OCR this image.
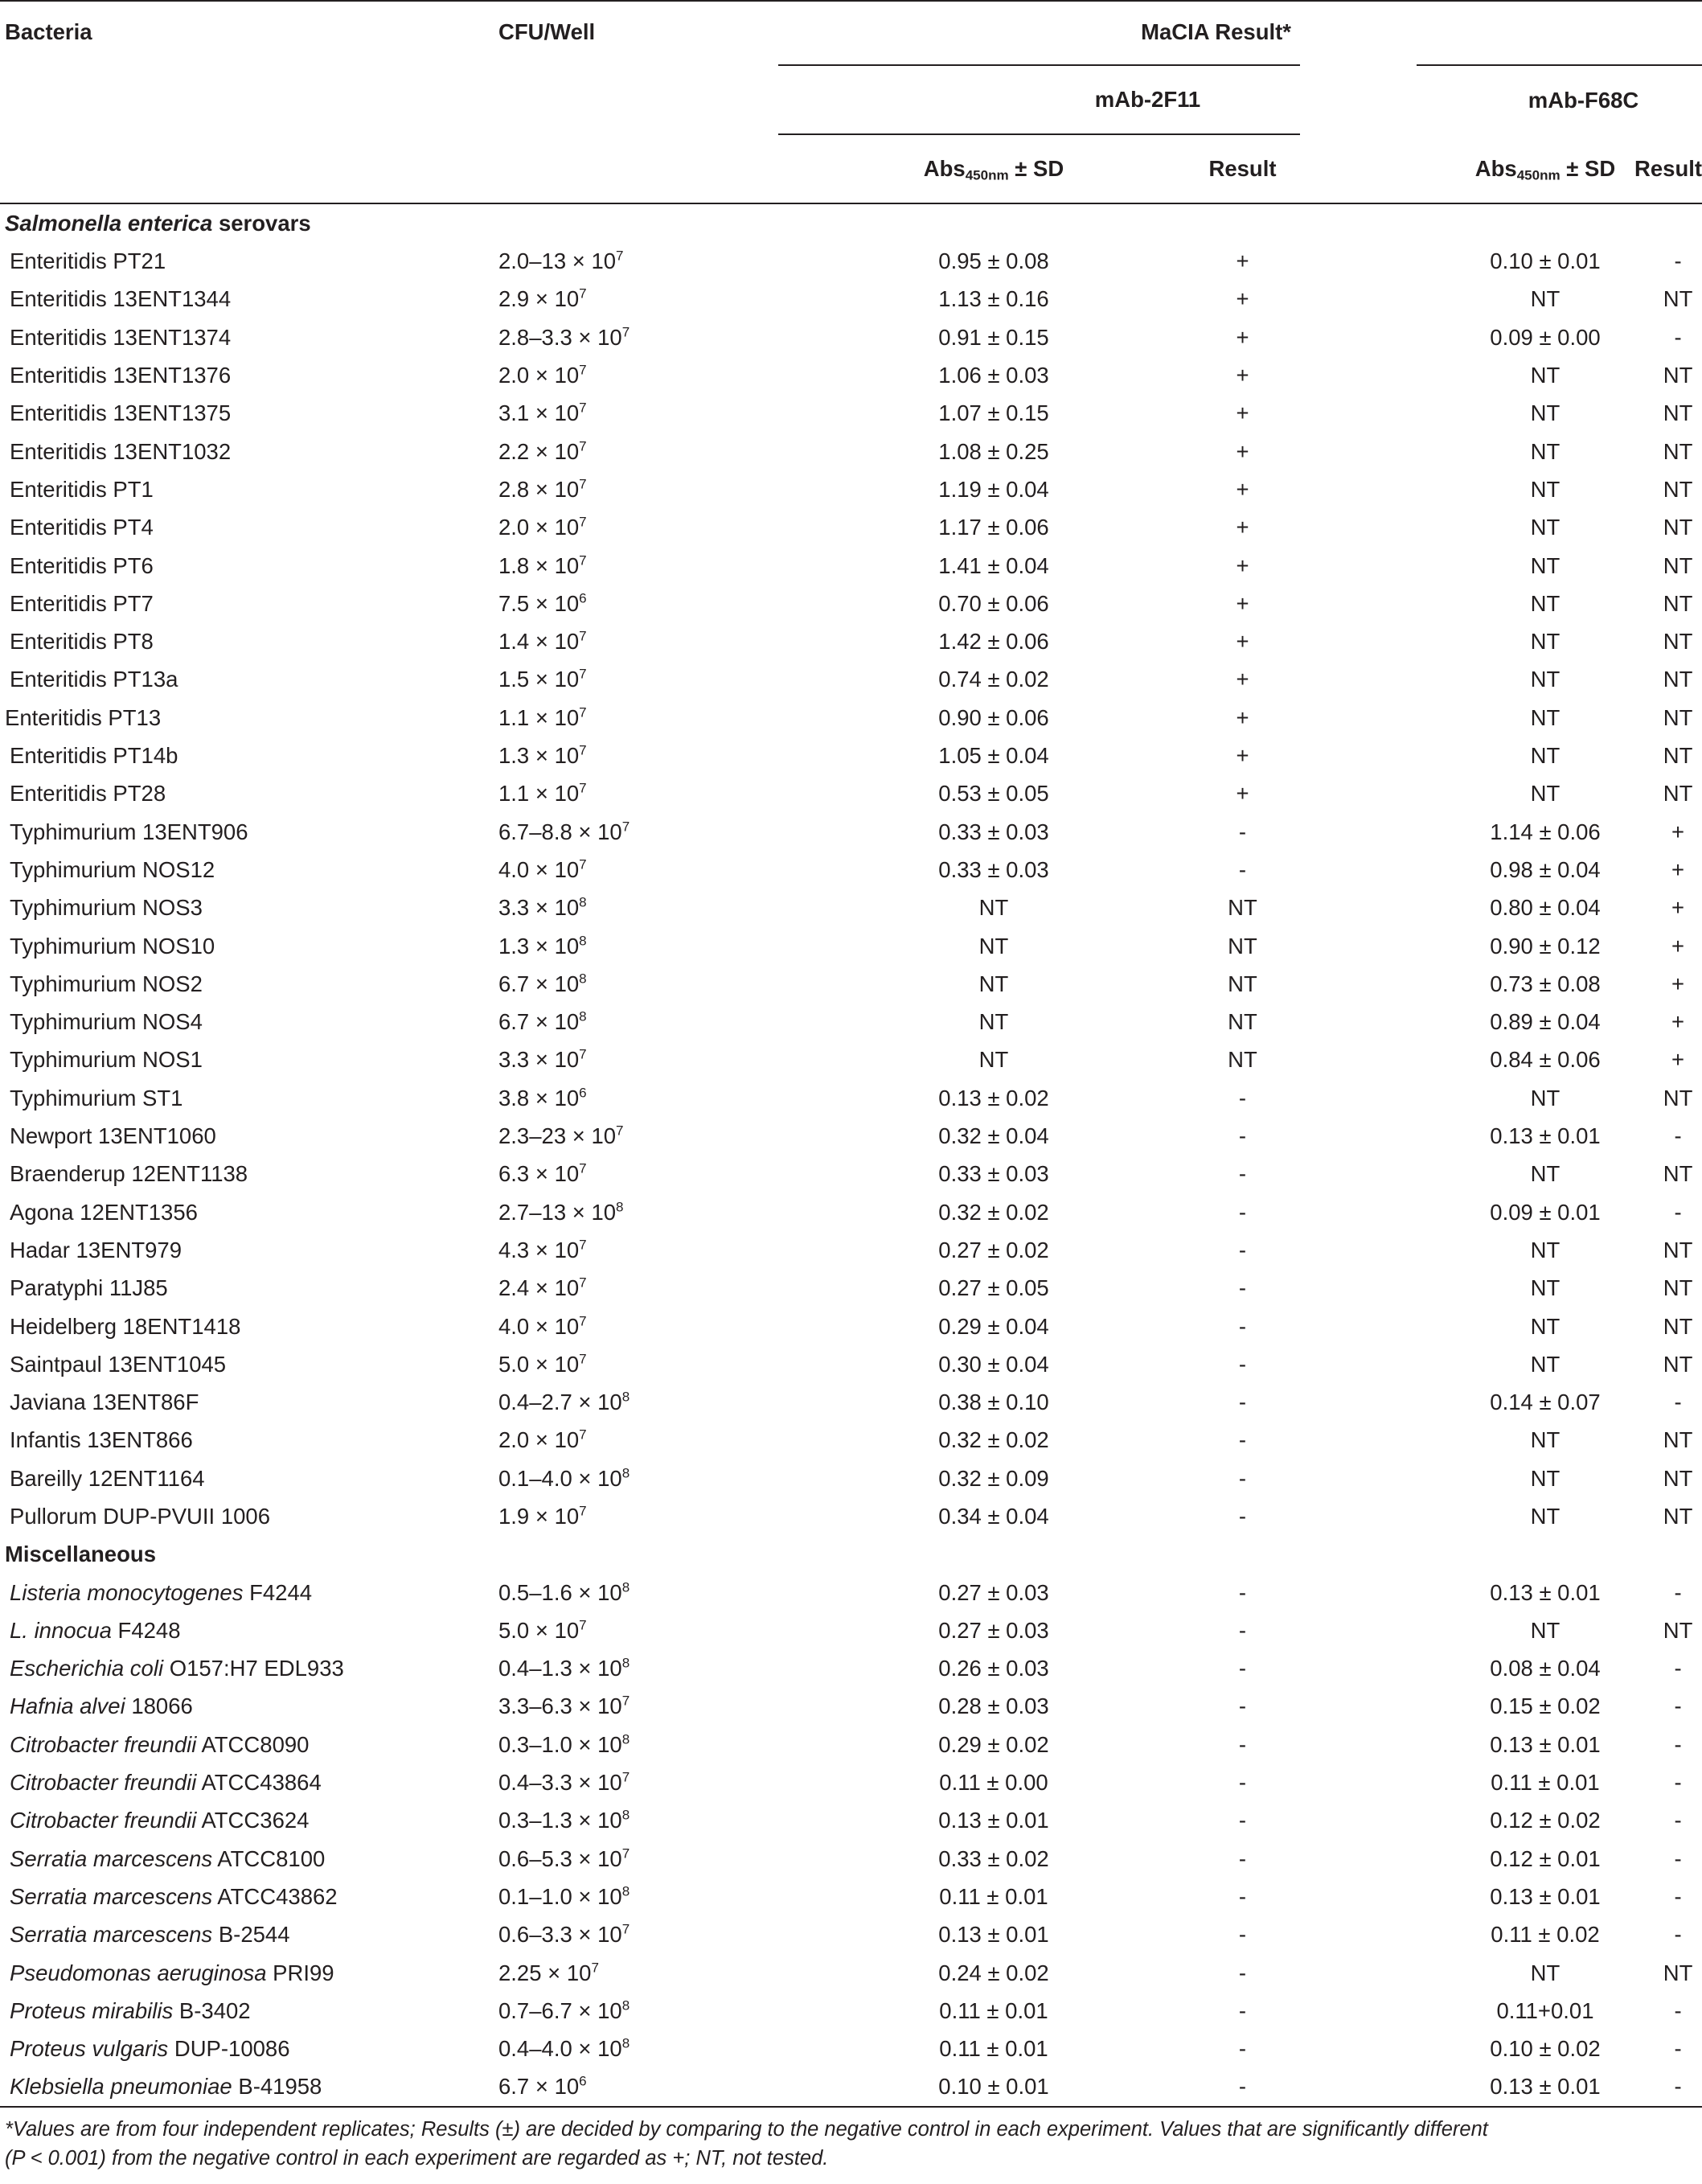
Bacteria	CFU/Well	MaCIA Result*				

		mAb-2F11			mAb-F68C	

		Abs$_{450nm}$ ± SD	Result		Abs$_{450nm}$ ± SD	Result
Salmonella enterica serovars						
Enteritidis PT21	$2.0-13 \times 10^7$	0.95 ± 0.08	+		0.10 ± 0.01	-
Enteritidis 13ENT1344	$2.9 \times 10^7$	1.13 ± 0.16	+		NT	NT
Enteritidis 13ENT1374	$2.8-3.3 \times 10^7$	0.91 ± 0.15	+		0.09 ± 0.00	-
Enteritidis 13ENT1376	$2.0 \times 10^7$	1.06 ± 0.03	+		NT	NT
Enteritidis 13ENT1375	$3.1 \times 10^7$	1.07 ± 0.15	+		NT	NT
Enteritidis 13ENT1032	$2.2 \times 10^7$	1.08 ± 0.25	+		NT	NT
Enteritidis PT1	$2.8 \times 10^7$	1.19 ± 0.04	+		NT	NT
Enteritidis PT4	$2.0 \times 10^7$	1.17 ± 0.06	+		NT	NT
Enteritidis PT6	$1.8 \times 10^7$	1.41 ± 0.04	+		NT	NT
Enteritidis PT7	$7.5 \times 10^6$	0.70 ± 0.06	+		NT	NT
Enteritidis PT8	$1.4 \times 10^7$	1.42 ± 0.06	+		NT	NT
Enteritidis PT13a	$1.5 \times 10^7$	0.74 ± 0.02	+		NT	NT
Enteritidis PT13	$1.1 \times 10^7$	0.90 ± 0.06	+		NT	NT
Enteritidis PT14b	$1.3 \times 10^7$	1.05 ± 0.04	+		NT	NT
Enteritidis PT28	$1.1 \times 10^7$	0.53 ± 0.05	+		NT	NT
Typhimurium 13ENT906	$6.7-8.8 \times 10^7$	0.33 ± 0.03	-		1.14 ± 0.06	+
Typhimurium NOS12	$4.0 \times 10^7$	0.33 ± 0.03	-		0.98 ± 0.04	+
Typhimurium NOS3	$3.3 \times 10^8$	NT	NT		0.80 ± 0.04	+
Typhimurium NOS10	$1.3 \times 10^8$	NT	NT		0.90 ± 0.12	+
Typhimurium NOS2	$6.7 \times 10^8$	NT	NT		0.73 ± 0.08	+
Typhimurium NOS4	$6.7 \times 10^8$	NT	NT		0.89 ± 0.04	+
Typhimurium NOS1	$3.3 \times 10^7$	NT	NT		0.84 ± 0.06	+
Typhimurium ST1	$3.8 \times 10^6$	0.13 ± 0.02	-		NT	NT
Newport 13ENT1060	$2.3-23 \times 10^7$	0.32 ± 0.04	-		0.13 ± 0.01	-
Braenderup 12ENT1138	$6.3 \times 10^7$	0.33 ± 0.03	-		NT	NT
Agona 12ENT1356	$2.7-13 \times 10^8$	0.32 ± 0.02	-		0.09 ± 0.01	-
Hadar 13ENT979	$4.3 \times 10^7$	0.27 ± 0.02	-		NT	NT
Paratyphi 11J85	$2.4 \times 10^7$	0.27 ± 0.05	-		NT	NT
Heidelberg 18ENT1418	$4.0 \times 10^7$	0.29 ± 0.04	-		NT	NT
Saintpaul 13ENT1045	$5.0 \times 10^7$	0.30 ± 0.04	-		NT	NT
Javiana 13ENT86F	$0.4-2.7 \times 10^8$	0.38 ± 0.10	-		0.14 ± 0.07	-
Infantis 13ENT866	$2.0 \times 10^7$	0.32 ± 0.02	-		NT	NT
Bareilly 12ENT1164	$0.1-4.0 \times 10^8$	0.32 ± 0.09	-		NT	NT
Pullorum DUP-PVUII 1006	$1.9 \times 10^7$	0.34 ± 0.04	-		NT	NT
Miscellaneous						
Listeria monocytogenes F4244	$0.5-1.6 \times 10^8$	0.27 ± 0.03	-		0.13 ± 0.01	-
L. innocua F4248	$5.0 \times 10^7$	0.27 ± 0.03	-		NT	NT
Escherichia coli O157:H7 EDL933	$0.4-1.3 \times 10^8$	0.26 ± 0.03	-		0.08 ± 0.04	-
Hafnia alvei 18066	$3.3-6.3 \times 10^7$	0.28 ± 0.03	-		0.15 ± 0.02	-
Citrobacter freundii ATCC8090	$0.3-1.0 \times 10^8$	0.29 ± 0.02	-		0.13 ± 0.01	-
Citrobacter freundii ATCC43864	$0.4-3.3 \times 10^7$	0.11 ± 0.00	-		0.11 ± 0.01	-
Citrobacter freundii ATCC3624	$0.3-1.3 \times 10^8$	0.13 ± 0.01	-		0.12 ± 0.02	-
Serratia marcescens ATCC8100	$0.6-5.3 \times 10^7$	0.33 ± 0.02	-		0.12 ± 0.01	-
Serratia marcescens ATCC43862	$0.1-1.0 \times 10^8$	0.11 ± 0.01	-		0.13 ± 0.01	-
Serratia marcescens B-2544	$0.6-3.3 \times 10^7$	0.13 ± 0.01	-		0.11 ± 0.02	-
Pseudomonas aeruginosa PRI99	$2.25 \times 10^7$	0.24 ± 0.02	-		NT	NT
Proteus mirabilis B-3402	$0.7-6.7 \times 10^8$	0.11 ± 0.01	-		0.11+0.01	-
Proteus vulgaris DUP-10086	$0.4-4.0 \times 10^8$	0.11 ± 0.01	-		0.10 ± 0.02	-
Klebsiella pneumoniae B-41958	$6.7 \times 10^6$	0.10 ± 0.01	-		0.13 ± 0.01	-
*Values are from four independent replicates; Results (±) are decided by comparing to the negative control in each experiment. Values that are significantly different
(P < 0.001) from the negative control in each experiment are regarded as +; NT, not tested.
